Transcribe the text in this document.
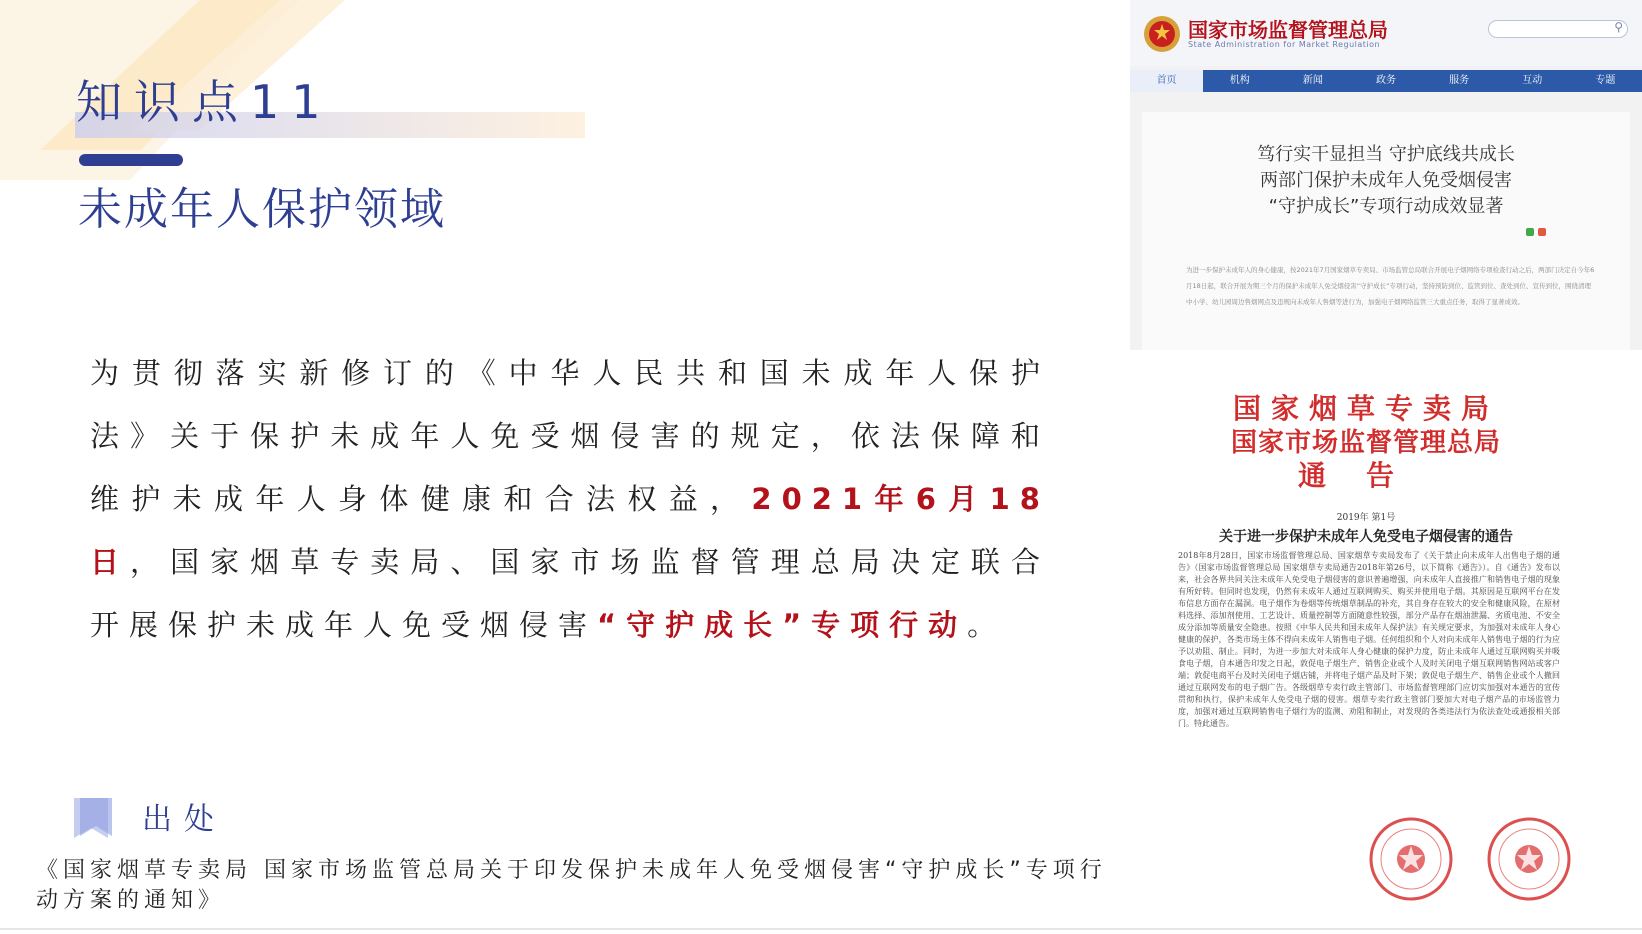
知识点11
未成年人保护领域
为贯彻落实新修订的《中华人民共和国未成年人保护法》关于保护未成年人免受烟侵害的规定，依法保障和维护未成年人身体健康和合法权益，2021年6月18日，国家烟草专卖局、国家市场监督管理总局决定联合开展保护未成年人免受烟侵害“守护成长”专项行动。
出处
《国家烟草专卖局 国家市场监管总局关于印发保护未成年人免受烟侵害“守护成长”专项行动方案的通知》
国家市场监督管理总局
State Administration for Market Regulation
⚲
首页	机构	新闻	政务	服务	互动	专题
笃行实干显担当 守护底线共成长
两部门保护未成年人免受烟侵害
“守护成长”专项行动成效显著
为进一步保护未成年人的身心健康，按2021年7月国家烟草专卖局、市场监管总局联合开展电子烟网络专项检查行动之后，两部门决定自今年6月18日起，联合开展为期三个月的保护未成年人免受烟侵害“守护成长”专项行动，坚持预防到位、监管到位、查处到位、宣传到位，围绕清理中小学、幼儿园周边售烟网点及违规向未成年人售烟等进行为，加强电子烟网络监管三大重点任务，取得了显著成效。
国家烟草专卖局
国家市场监督管理总局
通告
2019年 第1号
关于进一步保护未成年人免受电子烟侵害的通告
2018年8月28日，国家市场监督管理总局、国家烟草专卖局发布了《关于禁止向未成年人出售电子烟的通告》（国家市场监督管理总局 国家烟草专卖局通告2018年第26号，以下简称《通告》）。自《通告》发布以来，社会各界共同关注未成年人免受电子烟侵害的意识普遍增强，向未成年人直接推广和销售电子烟的现象有所好转。但同时也发现，仍然有未成年人通过互联网购买、购买并使用电子烟。其原因是互联网平台在发布信息方面存在漏洞。电子烟作为卷烟等传统烟草制品的补充，其自身存在较大的安全和健康风险，在原材料选择、添加剂使用、工艺设计、质量控制等方面随意性较强，部分产品存在烟油泄漏、劣质电池、不安全成分添加等质量安全隐患。按照《中华人民共和国未成年人保护法》有关规定要求，为加强对未成年人身心健康的保护，各类市场主体不得向未成年人销售电子烟。任何组织和个人对向未成年人销售电子烟的行为应予以劝阻、制止。同时，为进一步加大对未成年人身心健康的保护力度，防止未成年人通过互联网购买并吸食电子烟，自本通告印发之日起，敦促电子烟生产、销售企业或个人及时关闭电子烟互联网销售网站或客户端；敦促电商平台及时关闭电子烟店铺，并将电子烟产品及时下架；敦促电子烟生产、销售企业或个人撤回通过互联网发布的电子烟广告。各级烟草专卖行政主管部门、市场监督管理部门应切实加强对本通告的宣传贯彻和执行，保护未成年人免受电子烟的侵害。烟草专卖行政主管部门要加大对电子烟产品的市场监管力度，加强对通过互联网销售电子烟行为的监测、劝阻和制止，对发现的各类违法行为依法查处或通报相关部门。特此通告。
